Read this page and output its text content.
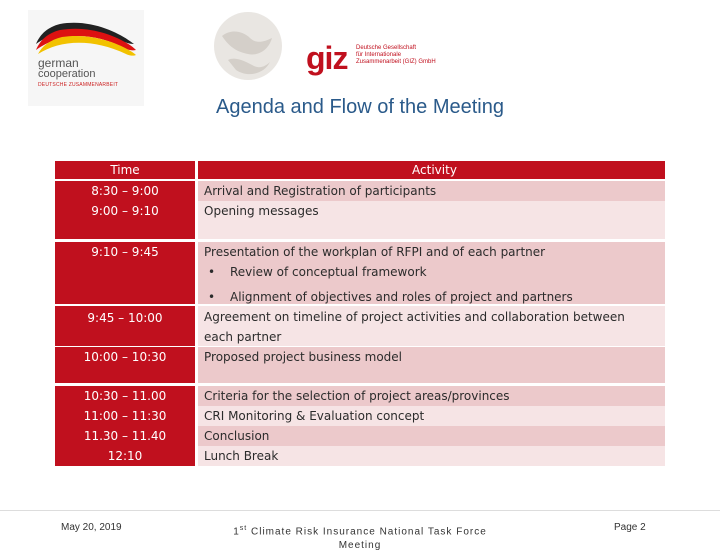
german
cooperation
DEUTSCHE ZUSAMMENARBEIT
giz Deutsche Gesellschaft
für Internationale
Zusammenarbeit (GIZ) GmbH
Agenda and Flow of the Meeting
Time	Activity
8:30 – 9:00	Arrival and Registration of participants
9:00 – 9:10	Opening messages
9:10 – 9:45	Presentation of the workplan of RFPI and of each partner
• Review of conceptual framework
• Alignment of objectives and roles of project and partners
9:45 – 10:00	Agreement on timeline of project activities and collaboration between
each partner
10:00 – 10:30	Proposed project business model
10:30 – 11.00	Criteria for the selection of project areas/provinces
11:00 – 11:30	CRI Monitoring & Evaluation concept
11.30 – 11.40	Conclusion
12:10	Lunch Break
May 20, 2019	1st Climate Risk Insurance National Task Force Meeting
Page 2
